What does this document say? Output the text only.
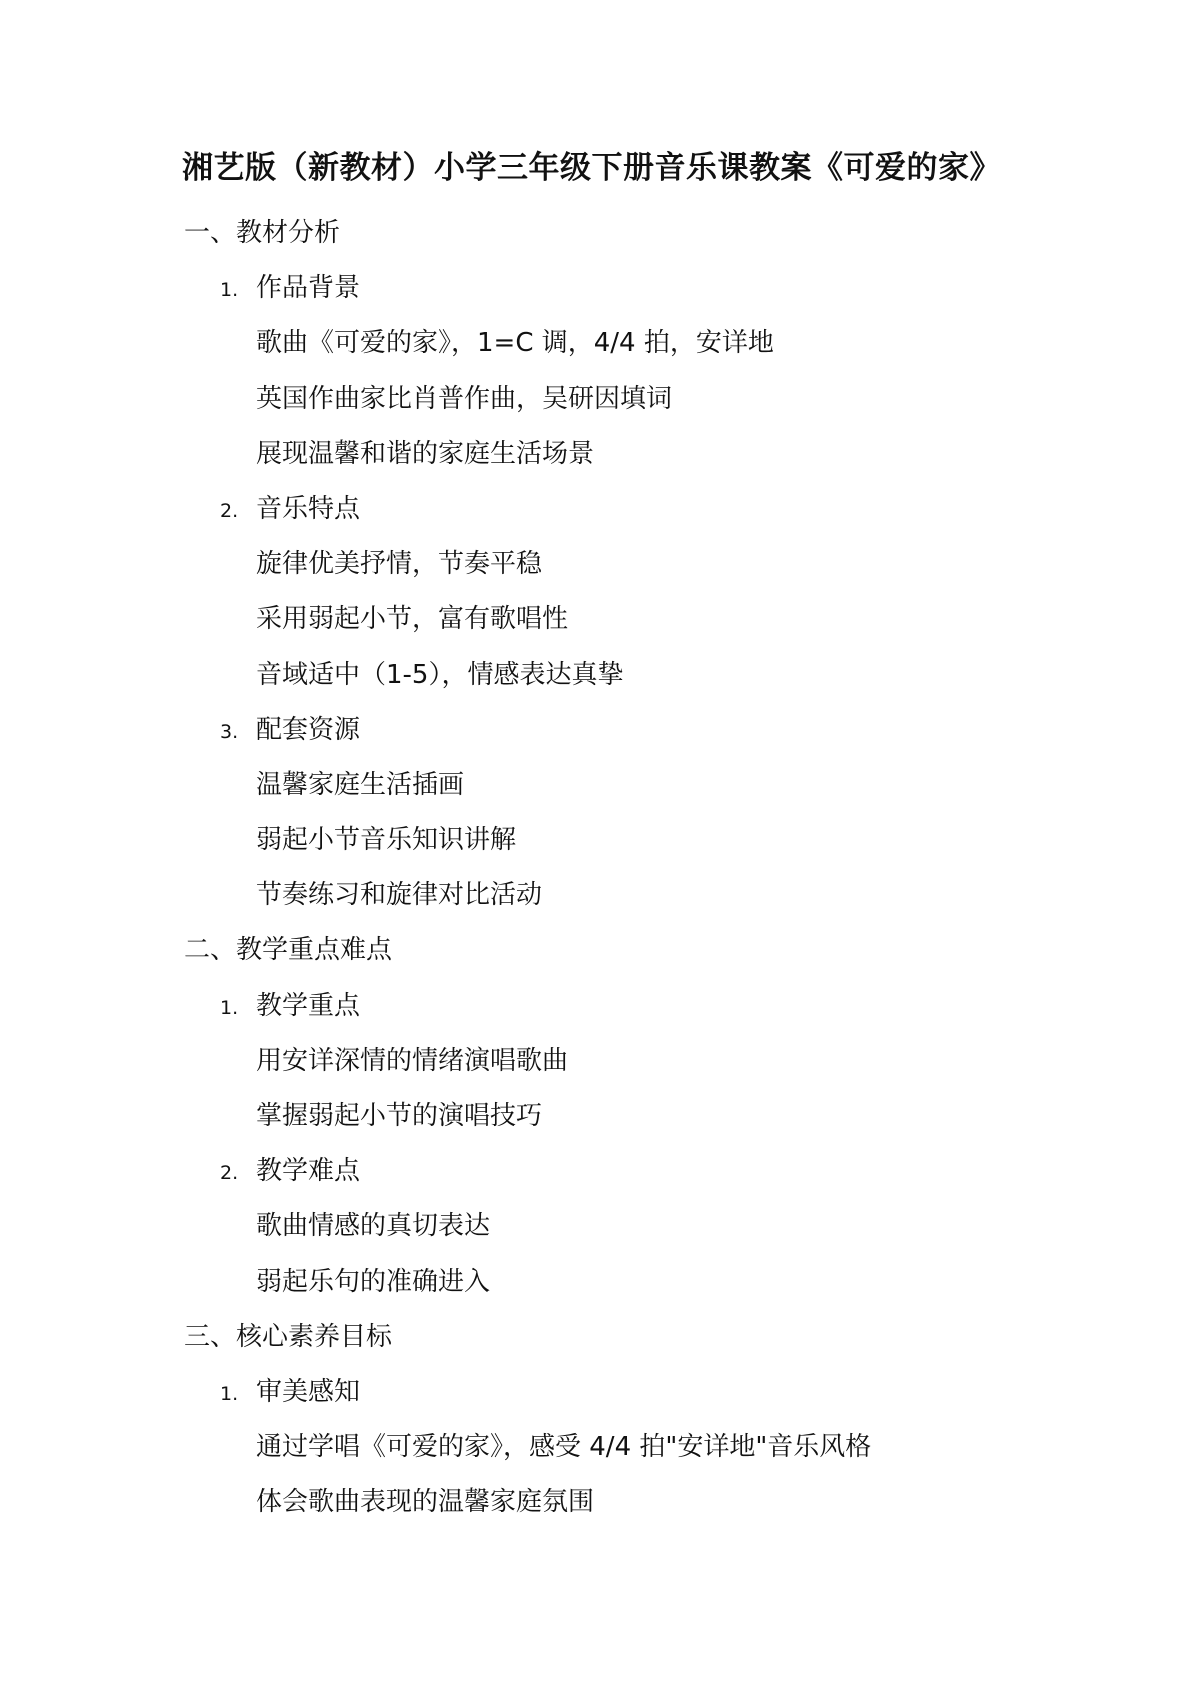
湘艺版（新教材）小学三年级下册音乐课教案《可爱的家》
一、教材分析
1. 作品背景
歌曲《可爱的家》，1=C 调，4/4 拍，安详地
英国作曲家比肖普作曲，吴研因填词
展现温馨和谐的家庭生活场景
2. 音乐特点
旋律优美抒情，节奏平稳
采用弱起小节，富有歌唱性
音域适中（1-5），情感表达真挚
3. 配套资源
温馨家庭生活插画
弱起小节音乐知识讲解
节奏练习和旋律对比活动
二、教学重点难点
1. 教学重点
用安详深情的情绪演唱歌曲
掌握弱起小节的演唱技巧
2. 教学难点
歌曲情感的真切表达
弱起乐句的准确进入
三、核心素养目标
1. 审美感知
通过学唱《可爱的家》，感受 4/4 拍"安详地"音乐风格
体会歌曲表现的温馨家庭氛围
